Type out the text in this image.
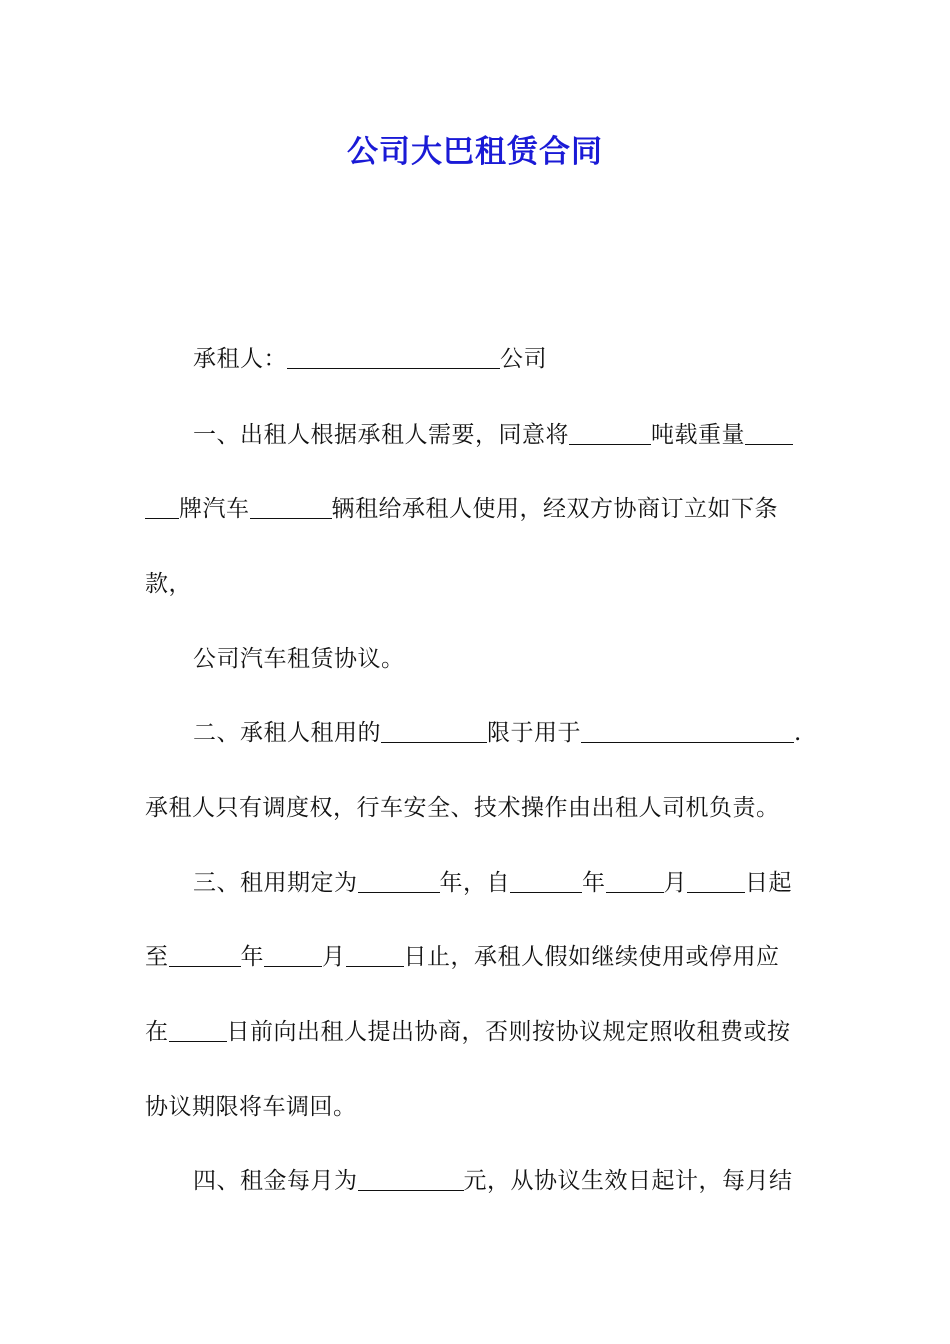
公司大巴租赁合同
承租人：	公司
一、出租人根据承租人需要，同意将	吨载重量
牌汽车	辆租给承租人使用，经双方协商订立如下条
款，
公司汽车租赁协议。
二、承租人租用的	限于用于	.
承租人只有调度权，行车安全、技术操作由出租人司机负责。
三、租用期定为	年，自	年	月	日起
至	年	月	日止，承租人假如继续使用或停用应
在	日前向出租人提出协商，否则按协议规定照收租费或按
协议期限将车调回。
四、租金每月为	元，从协议生效日起计，每月结
